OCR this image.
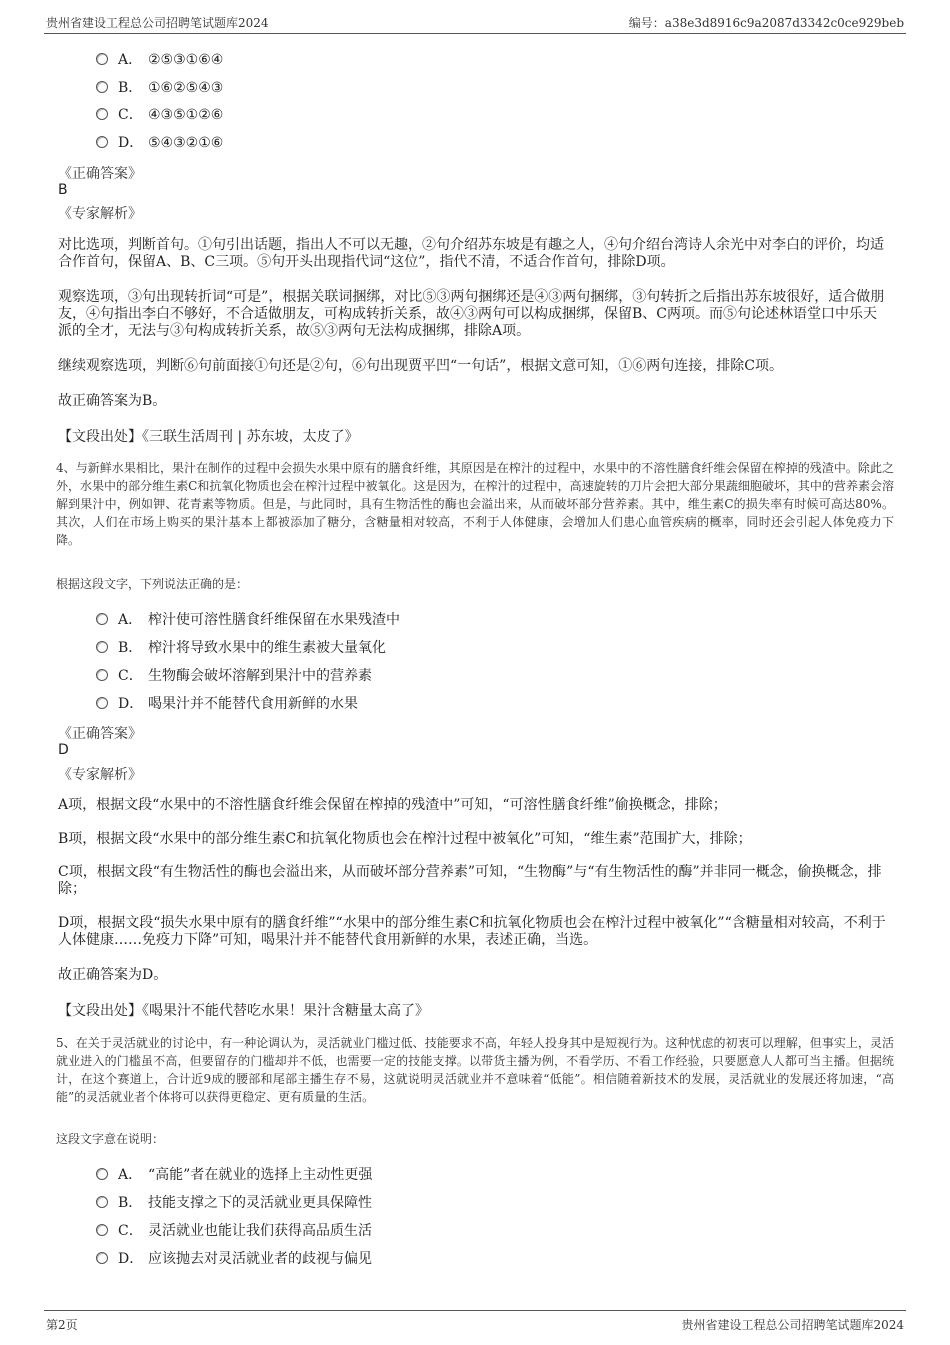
贵州省建设工程总公司招聘笔试题库2024	编号：a38e3d8916c9a2087d3342c0ce929beb
A． ②⑤③①⑥④
B． ①⑥②⑤④③
C． ④③⑤①②⑥
D． ⑤④③②①⑥
《正确答案》
B
《专家解析》
对比选项，判断首句。①句引出话题，指出人不可以无趣，②句介绍苏东坡是有趣之人，④句介绍台湾诗人余光中对李白的评价，均适合作首句，保留A、B、C三项。⑤句开头出现指代词“这位”，指代不清，不适合作首句，排除D项。
观察选项，③句出现转折词“可是”，根据关联词捆绑，对比⑤③两句捆绑还是④③两句捆绑，③句转折之后指出苏东坡很好，适合做朋友，④句指出李白不够好，不合适做朋友，可构成转折关系，故④③两句可以构成捆绑，保留B、C两项。而⑤句论述林语堂口中乐天派的全才，无法与③句构成转折关系，故⑤③两句无法构成捆绑，排除A项。
继续观察选项，判断⑥句前面接①句还是②句，⑥句出现贾平凹“一句话”，根据文意可知，①⑥两句连接，排除C项。
故正确答案为B。
【文段出处】《三联生活周刊 | 苏东坡，太皮了》
4、与新鲜水果相比，果汁在制作的过程中会损失水果中原有的膳食纤维，其原因是在榨汁的过程中，水果中的不溶性膳食纤维会保留在榨掉的残渣中。除此之外，水果中的部分维生素C和抗氧化物质也会在榨汁过程中被氧化。这是因为，在榨汁的过程中，高速旋转的刀片会把大部分果蔬细胞破坏，其中的营养素会溶解到果汁中，例如钾、花青素等物质。但是，与此同时，具有生物活性的酶也会溢出来，从而破坏部分营养素。其中，维生素C的损失率有时候可高达80%。其次，人们在市场上购买的果汁基本上都被添加了糖分，含糖量相对较高，不利于人体健康，会增加人们患心血管疾病的概率，同时还会引起人体免疫力下降。
根据这段文字，下列说法正确的是：
A． 榨汁使可溶性膳食纤维保留在水果残渣中
B． 榨汁将导致水果中的维生素被大量氧化
C． 生物酶会破坏溶解到果汁中的营养素
D． 喝果汁并不能替代食用新鲜的水果
《正确答案》
D
《专家解析》
A项，根据文段“水果中的不溶性膳食纤维会保留在榨掉的残渣中”可知，“可溶性膳食纤维”偷换概念，排除；
B项，根据文段“水果中的部分维生素C和抗氧化物质也会在榨汁过程中被氧化”可知，“维生素”范围扩大，排除；
C项，根据文段“有生物活性的酶也会溢出来，从而破坏部分营养素”可知，“生物酶”与“有生物活性的酶”并非同一概念，偷换概念，排除；
D项，根据文段“损失水果中原有的膳食纤维”“水果中的部分维生素C和抗氧化物质也会在榨汁过程中被氧化”“含糖量相对较高，不利于人体健康……免疫力下降”可知，喝果汁并不能替代食用新鲜的水果，表述正确，当选。
故正确答案为D。
【文段出处】《喝果汁不能代替吃水果！果汁含糖量太高了》
5、在关于灵活就业的讨论中，有一种论调认为，灵活就业门槛过低、技能要求不高，年轻人投身其中是短视行为。这种忧虑的初衷可以理解，但事实上，灵活就业进入的门槛虽不高，但要留存的门槛却并不低，也需要一定的技能支撑。以带货主播为例，不看学历、不看工作经验，只要愿意人人都可当主播。但据统计，在这个赛道上，合计近9成的腰部和尾部主播生存不易，这就说明灵活就业并不意味着“低能”。相信随着新技术的发展，灵活就业的发展还将加速，“高能”的灵活就业者个体将可以获得更稳定、更有质量的生活。
这段文字意在说明：
A． “高能”者在就业的选择上主动性更强
B． 技能支撑之下的灵活就业更具保障性
C． 灵活就业也能让我们获得高品质生活
D． 应该抛去对灵活就业者的歧视与偏见
第2页	贵州省建设工程总公司招聘笔试题库2024
